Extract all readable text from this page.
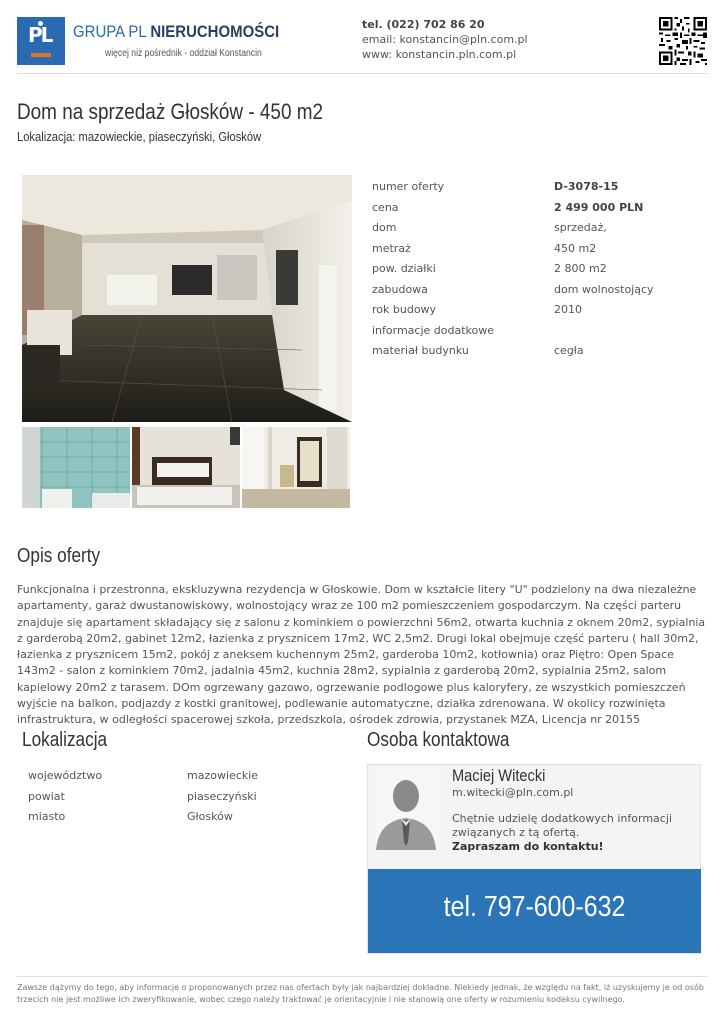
PL GRUPA PL NIERUCHOMOŚCI
więcej niż pośrednik - oddział Konstancin
tel. (022) 702 86 20
email: konstancin@pln.com.pl
www: konstancin.pln.com.pl
Dom na sprzedaż Głosków - 450 m2
Lokalizacja: mazowieckie, piaseczyński, Głosków
numer oferty	D-3078-15
cena	2 499 000 PLN
dom	sprzedaż,
metraż	450 m2
pow. działki	2 800 m2
zabudowa	dom wolnostojący
rok budowy	2010
informacje dodatkowe
materiał budynku	cegła
Opis oferty

Funkcjonalna i przestronna, ekskluzywna rezydencja w Głoskowie. Dom w kształcie litery "U" podzielony na dwa niezależne apartamenty, garaż dwustanowiskowy, wolnostojący wraz ze 100 m2 pomieszczeniem gospodarczym. Na części parteru znajduje się apartament składający się z salonu z kominkiem o powierzchni 56m2, otwarta kuchnia z oknem 20m2, sypialnia z garderobą 20m2, gabinet 12m2, łazienka z prysznicem 17m2, WC 2,5m2. Drugi lokal obejmuje część parteru ( hall 30m2, łazienka z prysznicem 15m2, pokój z aneksem kuchennym 25m2, garderoba 10m2, kotłownia) oraz Piętro: Open Space 143m2 - salon z kominkiem 70m2, jadalnia 45m2, kuchnia 28m2, sypialnia z garderobą 20m2, sypialnia 25m2, salom kapielowy 20m2 z tarasem. DOm ogrzewany gazowo, ogrzewanie podlogowe plus kaloryfery, ze wszystkich pomieszczeń wyjście na balkon, podjazdy z kostki granitowej, podlewanie automatyczne, działka zdrenowana. W okolicy rozwinięta infrastruktura, w odległości spacerowej szkoła, przedszkola, ośrodek zdrowia, przystanek MZA, Licencja nr 20155

Lokalizacja
województwo	mazowieckie
powiat	piaseczyński
miasto	Głosków
Osoba kontaktowa
Maciej Witecki
m.witecki@pln.com.pl
Chętnie udzielę dodatkowych informacji związanych z tą ofertą.
Zapraszam do kontaktu!
tel. 797-600-632
Zawsze dążymy do tego, aby informacje o proponowanych przez nas ofertach były jak najbardziej dokładne. Niekiedy jednak, że względu na fakt, iż uzyskujemy je od osób trzecich nie jest możliwe ich zweryfikowanie, wobec czego należy traktować je orientacyjnie i nie stanowią one oferty w rozumieniu kodeksu cywilnego.
